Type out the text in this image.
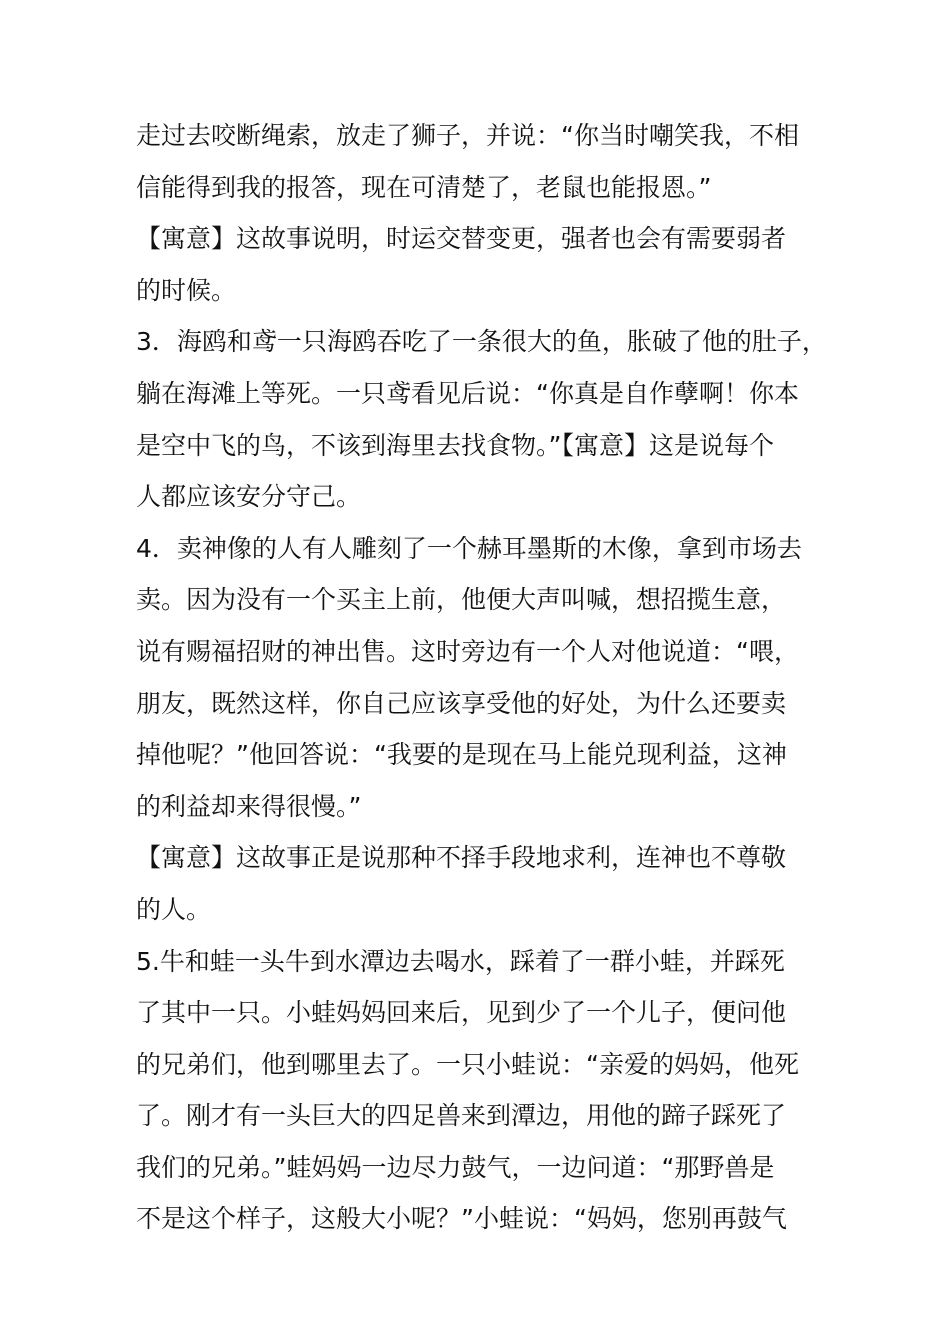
走过去咬断绳索，放走了狮子，并说：“你当时嘲笑我，不相
信能得到我的报答，现在可清楚了，老鼠也能报恩。”
【寓意】这故事说明，时运交替变更，强者也会有需要弱者
的时候。
3．海鸥和鸢一只海鸥吞吃了一条很大的鱼，胀破了他的肚子，
躺在海滩上等死。一只鸢看见后说：“你真是自作孽啊！你本
是空中飞的鸟，不该到海里去找食物。”【寓意】这是说每个
人都应该安分守己。
4．卖神像的人有人雕刻了一个赫耳墨斯的木像，拿到市场去
卖。因为没有一个买主上前，他便大声叫喊，想招揽生意，
说有赐福招财的神出售。这时旁边有一个人对他说道：“喂，
朋友，既然这样，你自己应该享受他的好处，为什么还要卖
掉他呢？”他回答说：“我要的是现在马上能兑现利益，这神
的利益却来得很慢。”
【寓意】这故事正是说那种不择手段地求利，连神也不尊敬
的人。
5.牛和蛙一头牛到水潭边去喝水，踩着了一群小蛙，并踩死
了其中一只。小蛙妈妈回来后，见到少了一个儿子，便问他
的兄弟们，他到哪里去了。一只小蛙说：“亲爱的妈妈，他死
了。刚才有一头巨大的四足兽来到潭边，用他的蹄子踩死了
我们的兄弟。”蛙妈妈一边尽力鼓气，一边问道：“那野兽是
不是这个样子，这般大小呢？”小蛙说：“妈妈，您别再鼓气
